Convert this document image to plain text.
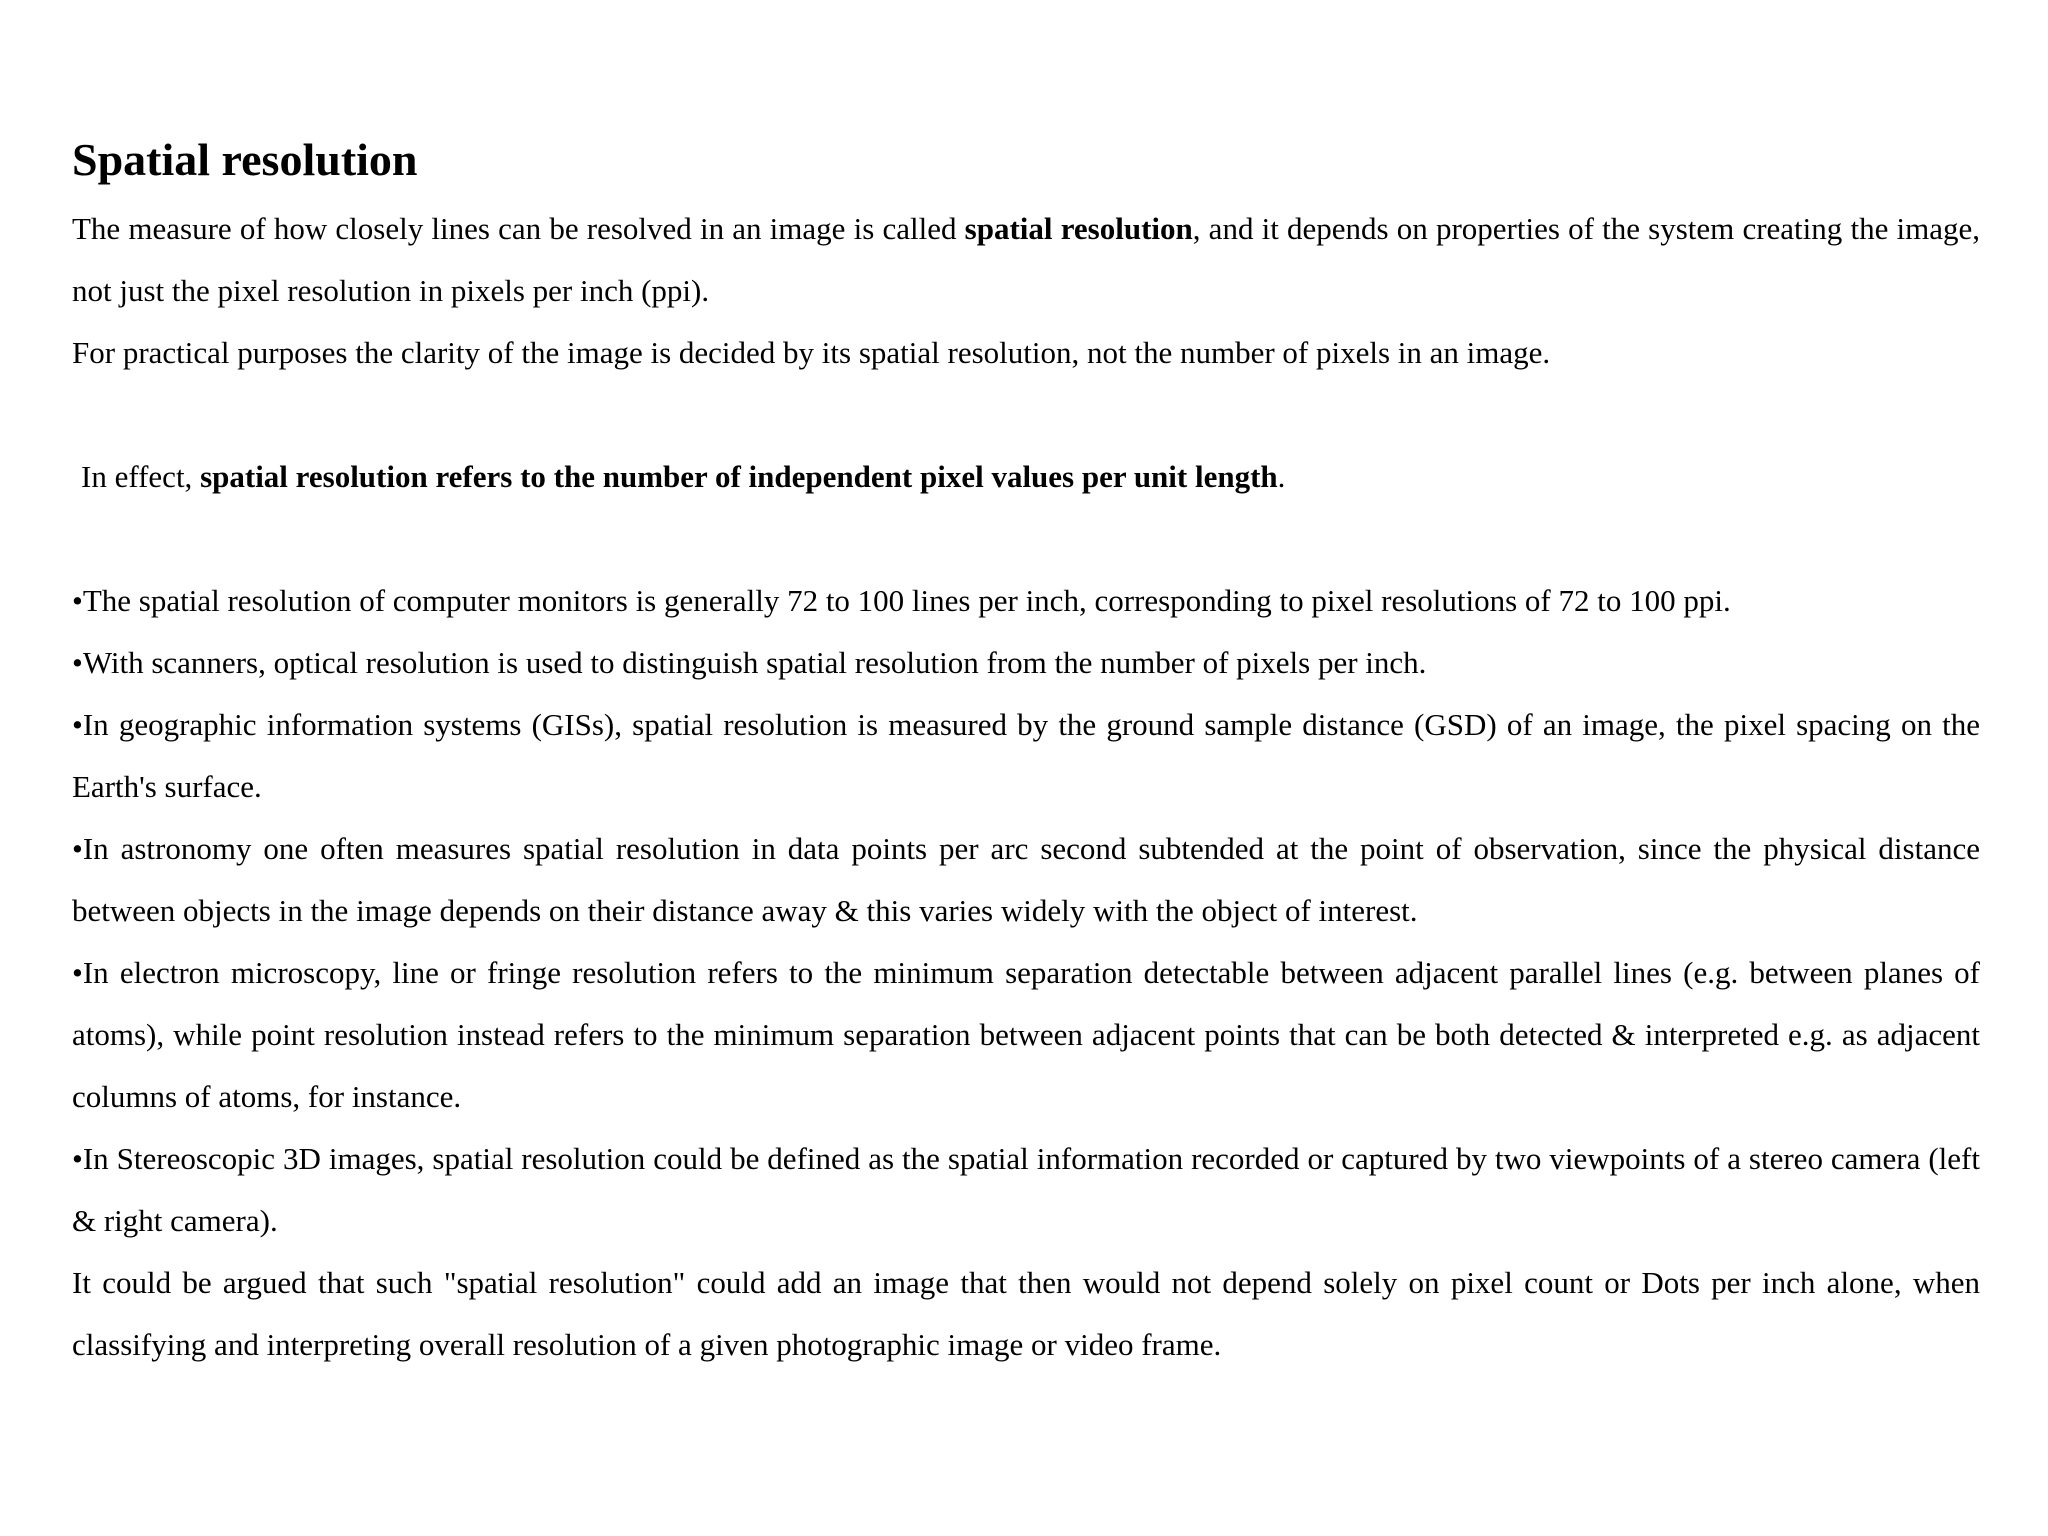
Spatial resolution

The measure of how closely lines can be resolved in an image is called spatial resolution, and it depends on properties of the system creating the image, not just the pixel resolution in pixels per inch (ppi).

For practical purposes the clarity of the image is decided by its spatial resolution, not the number of pixels in an image.

In effect, spatial resolution refers to the number of independent pixel values per unit length.

•The spatial resolution of computer monitors is generally 72 to 100 lines per inch, corresponding to pixel resolutions of 72 to 100 ppi.

•With scanners, optical resolution is used to distinguish spatial resolution from the number of pixels per inch.

•In geographic information systems (GISs), spatial resolution is measured by the ground sample distance (GSD) of an image, the pixel spacing on the Earth's surface.

•In astronomy one often measures spatial resolution in data points per arc second subtended at the point of observation, since the physical distance between objects in the image depends on their distance away & this varies widely with the object of interest.

•In electron microscopy, line or fringe resolution refers to the minimum separation detectable between adjacent parallel lines (e.g. between planes of atoms), while point resolution instead refers to the minimum separation between adjacent points that can be both detected & interpreted e.g. as adjacent columns of atoms, for instance.

•In Stereoscopic 3D images, spatial resolution could be defined as the spatial information recorded or captured by two viewpoints of a stereo camera (left & right camera).

It could be argued that such "spatial resolution" could add an image that then would not depend solely on pixel count or Dots per inch alone, when classifying and interpreting overall resolution of a given photographic image or video frame.
